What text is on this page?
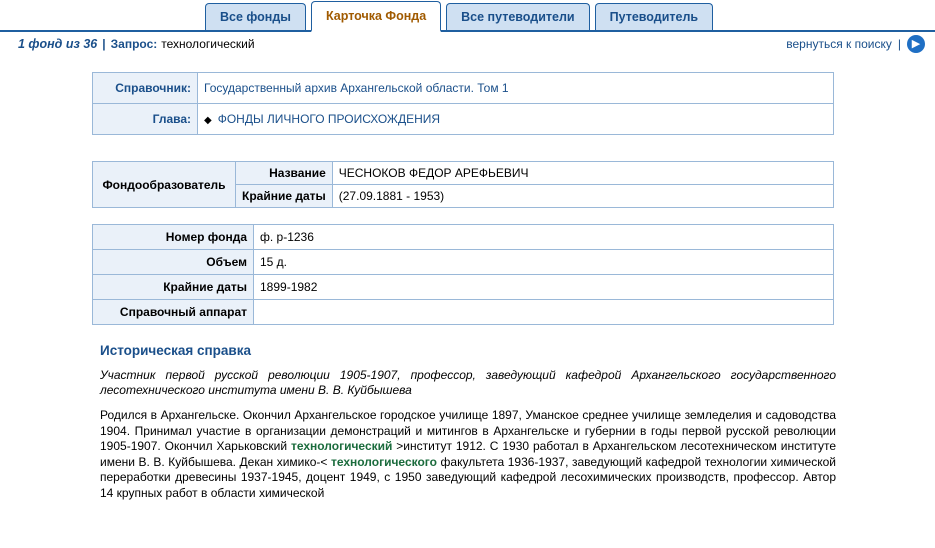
Все фонды	Карточка Фонда	Все путеводители	Путеводитель
1 фонд из 36 | Запрос: технологический	вернуться к поиску | ▶
Справочник:	Государственный архив Архангельской области. Том 1
Глава:	◆ ФОНДЫ ЛИЧНОГО ПРОИСХОЖДЕНИЯ
Фондообразователь	Название	ЧЕСНОКОВ ФЕДОР АРЕФЬЕВИЧ
	Крайние даты	(27.09.1881 - 1953)
Номер фонда	ф. р-1236
Объем	15 д.
Крайние даты	1899-1982
Справочный аппарат	
Историческая справка
Участник первой русской революции 1905-1907, профессор, заведующий кафедрой Архангельского государственного лесотехнического института имени В. В. Куйбышева
Родился в Архангельске. Окончил Архангельское городское училище 1897, Уманское среднее училище земледелия и садоводства 1904. Принимал участие в организации демонстраций и митингов в Архангельске и губернии в годы первой русской революции 1905-1907. Окончил Харьковский технологический >институт 1912. С 1930 работал в Архангельском лесотехническом институте имени В. В. Куйбышева. Декан химико-< технологического факультета 1936-1937, заведующий кафедрой технологии химической переработки древесины 1937-1945, доцент 1949, с 1950 заведующий кафедрой лесохимических производств, профессор. Автор 14 крупных работ в области химической
